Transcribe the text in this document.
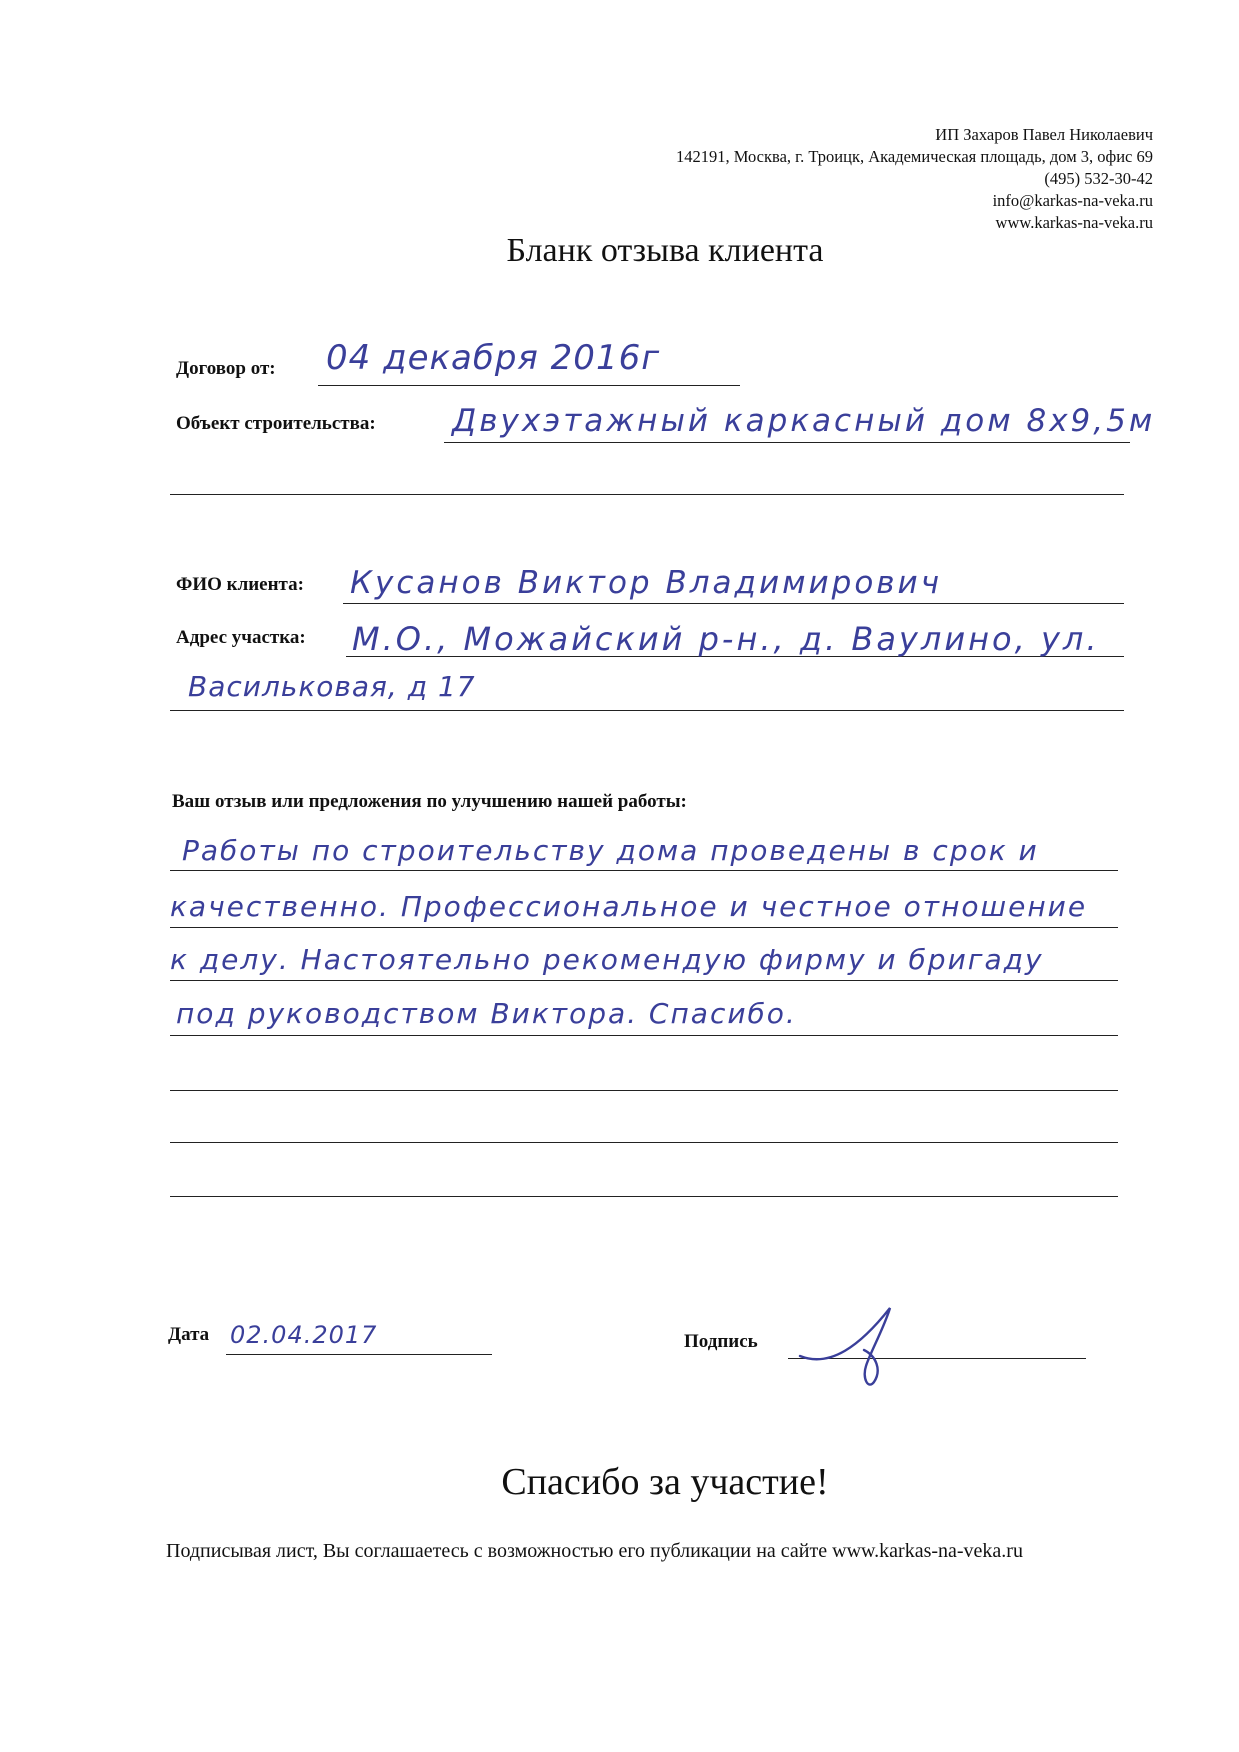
ИП Захаров Павел Николаевич
142191, Москва, г. Троицк, Академическая площадь, дом 3, офис 69
(495) 532-30-42
info@karkas-na-veka.ru
www.karkas-na-veka.ru
Бланк отзыва клиента
Договор от: 04 декабря 2016г
Объект строительства: Двухэтажный каркасный дом 8х9,5м
ФИО клиента: Кусанов Виктор Владимирович
Адрес участка: М.О., Можайский р-н., д. Ваулино, ул.
Васильковая, д 17
Ваш отзыв или предложения по улучшению нашей работы:
Работы по строительству дома проведены в срок и
качественно. Профессиональное и честное отношение
к делу. Настоятельно рекомендую фирму и бригаду
под руководством Виктора. Спасибо.
Дата 02.04.2017	Подпись
Спасибо за участие!
Подписывая лист, Вы соглашаетесь с возможностью его публикации на сайте www.karkas-na-veka.ru
